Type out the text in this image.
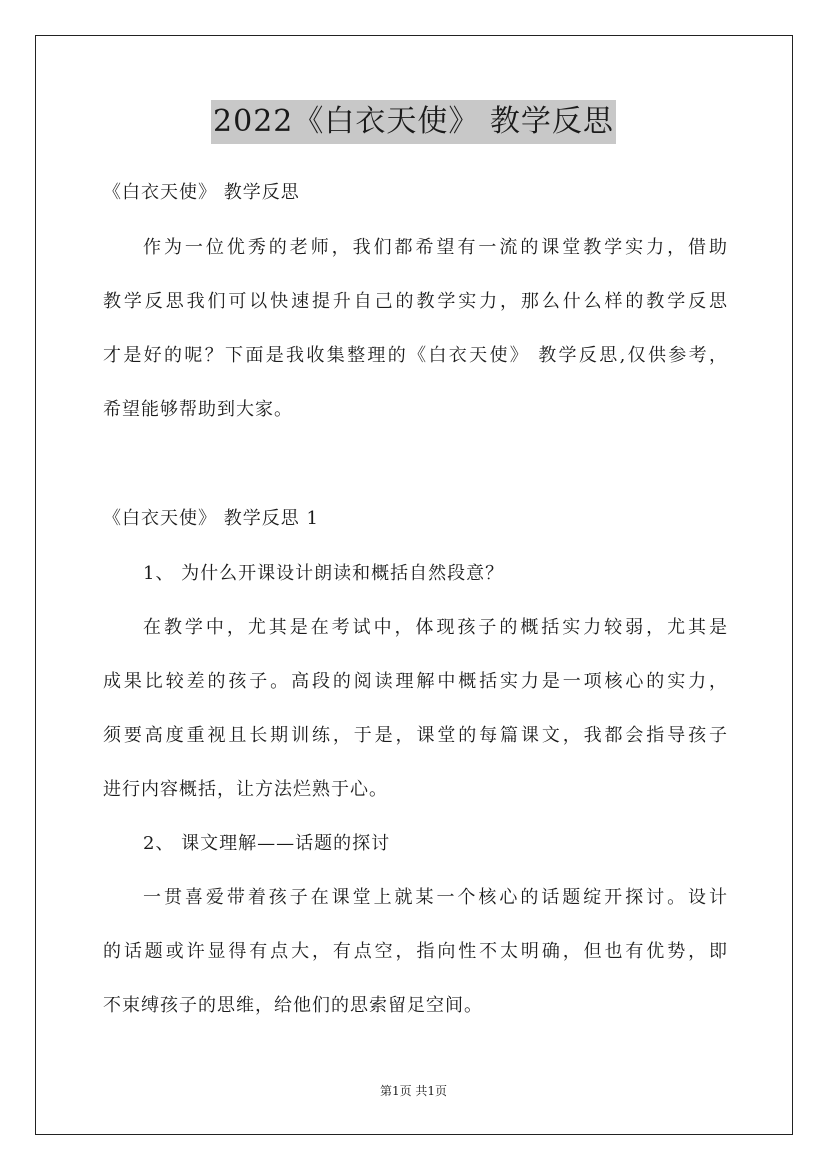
2022《白衣天使》 教学反思
《白衣天使》 教学反思
作为一位优秀的老师，我们都希望有一流的课堂教学实力，借助
教学反思我们可以快速提升自己的教学实力，那么什么样的教学反思
才是好的呢？下面是我收集整理的《白衣天使》 教学反思,仅供参考，
希望能够帮助到大家。
《白衣天使》 教学反思 1
1、 为什么开课设计朗读和概括自然段意？
在教学中，尤其是在考试中，体现孩子的概括实力较弱，尤其是
成果比较差的孩子。高段的阅读理解中概括实力是一项核心的实力，
须要高度重视且长期训练，于是，课堂的每篇课文，我都会指导孩子
进行内容概括，让方法烂熟于心。
2、 课文理解——话题的探讨
一贯喜爱带着孩子在课堂上就某一个核心的话题绽开探讨。设计
的话题或许显得有点大，有点空，指向性不太明确，但也有优势，即
不束缚孩子的思维，给他们的思索留足空间。
第1页 共1页
